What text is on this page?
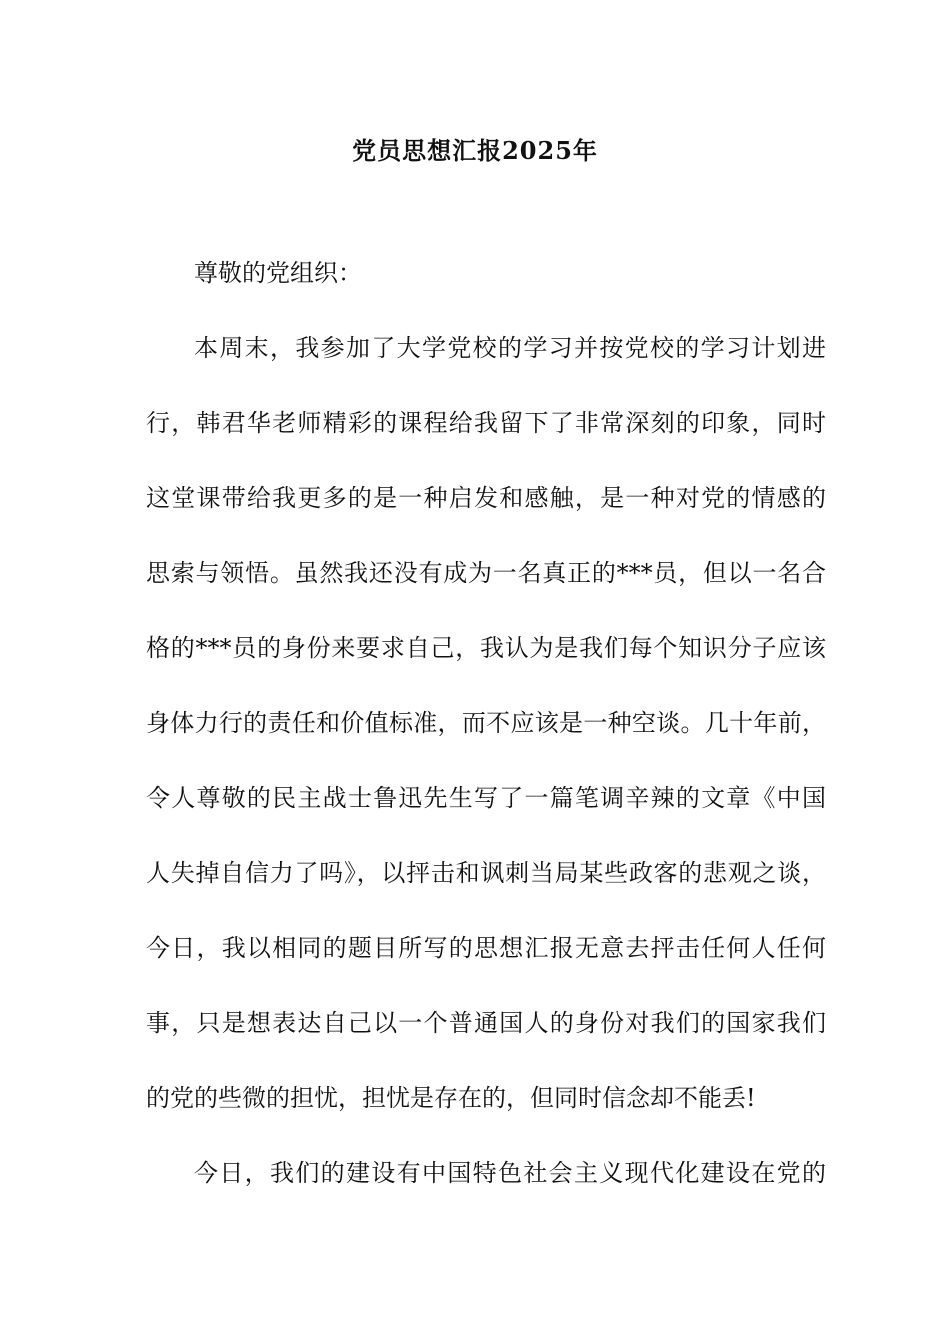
党员思想汇报2025年
尊敬的党组织：
本周末，我参加了大学党校的学习并按党校的学习计划进
行，韩君华老师精彩的课程给我留下了非常深刻的印象，同时
这堂课带给我更多的是一种启发和感触，是一种对党的情感的
思索与领悟。虽然我还没有成为一名真正的***员，但以一名合
格的***员的身份来要求自己，我认为是我们每个知识分子应该
身体力行的责任和价值标准，而不应该是一种空谈。几十年前，
令人尊敬的民主战士鲁迅先生写了一篇笔调辛辣的文章《中国
人失掉自信力了吗》，以抨击和讽刺当局某些政客的悲观之谈，
今日，我以相同的题目所写的思想汇报无意去抨击任何人任何
事，只是想表达自己以一个普通国人的身份对我们的国家我们
的党的些微的担忧，担忧是存在的，但同时信念却不能丢!
今日，我们的建设有中国特色社会主义现代化建设在党的
